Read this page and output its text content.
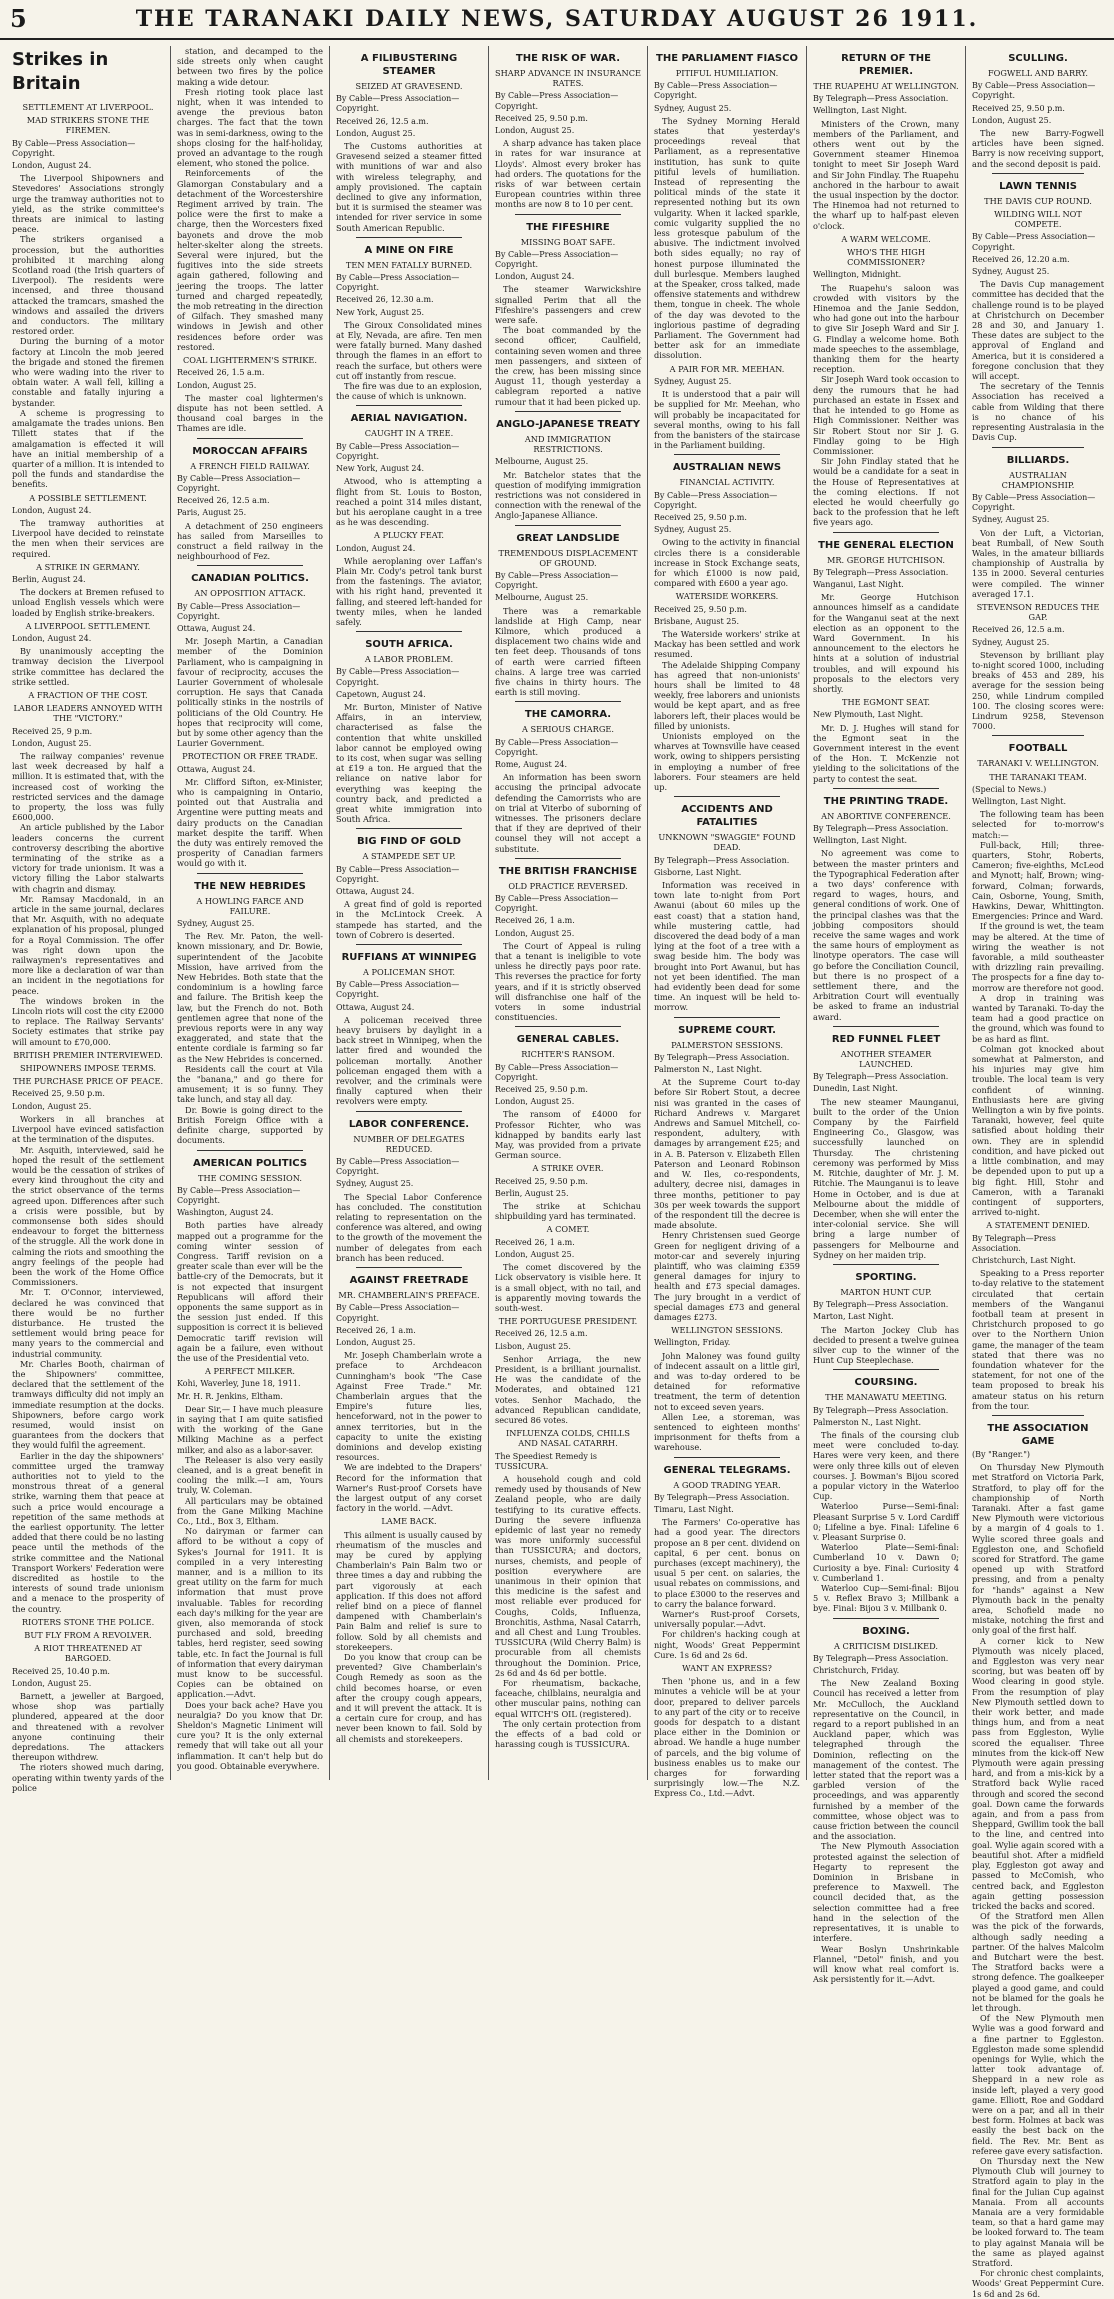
5	THE TARANAKI DAILY NEWS, SATURDAY AUGUST 26 1911.
Strikes in Britain
SETTLEMENT AT LIVERPOOL.
MAD STRIKERS STONE THE FIREMEN.
By Cable—Press Association—Copyright.
London, August 24.

The Liverpool Shipowners and Stevedores' Associations strongly urge the tramway authorities not to yield, as the strike committee's threats are inimical to lasting peace.

The strikers organised a procession, but the authorities prohibited it marching along Scotland road (the Irish quarters of Liverpool). The residents were incensed, and three thousand attacked the tramcars, smashed the windows and assailed the drivers and conductors. The military restored order.

During the burning of a motor factory at Lincoln the mob jeered the brigade and stoned the firemen who were wading into the river to obtain water. A wall fell, killing a constable and fatally injuring a bystander.

A scheme is progressing to amalgamate the trades unions. Ben Tillett states that if the amalgamation is effected it will have an initial membership of a quarter of a million. It is intended to poll the funds and standardise the benefits.

A POSSIBLE SETTLEMENT.
London, August 24.

The tramway authorities at Liverpool have decided to reinstate the men when their services are required.

A STRIKE IN GERMANY.
Berlin, August 24.

The dockers at Bremen refused to unload English vessels which were loaded by English strike-breakers.

A LIVERPOOL SETTLEMENT.
London, August 24.

By unanimously accepting the tramway decision the Liverpool strike committee has declared the strike settled.

A FRACTION OF THE COST.
LABOR LEADERS ANNOYED WITH THE "VICTORY."
Received 25, 9 p.m.
London, August 25.

The railway companies' revenue last week decreased by half a million. It is estimated that, with the increased cost of working the restricted services and the damage to property, the loss was fully £600,000.

An article published by the Labor leaders concerns the current controversy describing the abortive terminating of the strike as a victory for trade unionism. It was a victory filling the Labor stalwarts with chagrin and dismay.

Mr. Ramsay Macdonald, in an article in the same journal, declares that Mr. Asquith, with no adequate explanation of his proposal, plunged for a Royal Commission. The offer was right down upon the railwaymen's representatives and more like a declaration of war than an incident in the negotiations for peace.

The windows broken in the Lincoln riots will cost the city £2000 to replace. The Railway Servants' Society estimates that strike pay will amount to £70,000.

BRITISH PREMIER INTERVIEWED.
SHIPOWNERS IMPOSE TERMS.
THE PURCHASE PRICE OF PEACE.
Received 25, 9.50 p.m.
London, August 25.

Workers in all branches at Liverpool have evinced satisfaction at the termination of the disputes.

Mr. Asquith, interviewed, said he hoped the result of the settlement would be the cessation of strikes of every kind throughout the city and the strict observance of the terms agreed upon. Differences after such a crisis were possible, but by commonsense both sides should endeavour to forget the bitterness of the struggle. All the work done in calming the riots and smoothing the angry feelings of the people had been the work of the Home Office Commissioners.

Mr. T. O'Connor, interviewed, declared he was convinced that there would be no further disturbance. He trusted the settlement would bring peace for many years to the commercial and industrial community.

Mr. Charles Booth, chairman of the Shipowners' committee, declared that the settlement of the tramways difficulty did not imply an immediate resumption at the docks. Shipowners, before cargo work resumed, would insist on guarantees from the dockers that they would fulfil the agreement.

Earlier in the day the shipowners' committee urged the tramway authorities not to yield to the monstrous threat of a general strike, warning them that peace at such a price would encourage a repetition of the same methods at the earliest opportunity. The letter added that there could be no lasting peace until the methods of the strike committee and the National Transport Workers' Federation were discredited as hostile to the interests of sound trade unionism and a menace to the prosperity of the country.

RIOTERS STONE THE POLICE.
BUT FLY FROM A REVOLVER.
A RIOT THREATENED AT BARGOED.
Received 25, 10.40 p.m.
London, August 25.

Barnett, a jeweller at Bargoed, whose shop was partially plundered, appeared at the door and threatened with a revolver anyone continuing their depredations. The attackers thereupon withdrew.

The rioters showed much daring, operating within twenty yards of the police

station, and decamped to the side streets only when caught between two fires by the police making a wide detour.

Fresh rioting took place last night, when it was intended to avenge the previous baton charges. The fact that the town was in semi-darkness, owing to the shops closing for the half-holiday, proved an advantage to the rough element, who stoned the police.

Reinforcements of the Glamorgan Constabulary and a detachment of the Worcestershire Regiment arrived by train. The police were the first to make a charge, then the Worcesters fixed bayonets and drove the mob helter-skelter along the streets. Several were injured, but the fugitives into the side streets again gathered, following and jeering the troops. The latter turned and charged repeatedly, the mob retreating in the direction of Gilfach. They smashed many windows in Jewish and other residences before order was restored.

COAL LIGHTERMEN'S STRIKE.
Received 26, 1.5 a.m.
London, August 25.

The master coal lightermen's dispute has not been settled. A thousand coal barges in the Thames are idle.

MOROCCAN AFFAIRS
A FRENCH FIELD RAILWAY.
By Cable—Press Association—Copyright.
Received 26, 12.5 a.m.
Paris, August 25.

A detachment of 250 engineers has sailed from Marseilles to construct a field railway in the neighbourhood of Fez.

CANADIAN POLITICS.
AN OPPOSITION ATTACK.
By Cable—Press Association—Copyright.
Ottawa, August 24.

Mr. Joseph Martin, a Canadian member of the Dominion Parliament, who is campaigning in favour of reciprocity, accuses the Laurier Government of wholesale corruption. He says that Canada politically stinks in the nostrils of politicians of the Old Country. He hopes that reciprocity will come, but by some other agency than the Laurier Government.

PROTECTION OR FREE TRADE.
Ottawa, August 24.

Mr. Clifford Sifton, ex-Minister, who is campaigning in Ontario, pointed out that Australia and Argentine were putting meats and dairy products on the Canadian market despite the tariff. When the duty was entirely removed the prosperity of Canadian farmers would go with it.

THE NEW HEBRIDES
A HOWLING FARCE AND FAILURE.
Sydney, August 25.

The Rev. Mr. Paton, the well-known missionary, and Dr. Bowie, superintendent of the Jacobite Mission, have arrived from the New Hebrides. Both state that the condominium is a howling farce and failure. The British keep the law, but the French do not. Both gentlemen agree that none of the previous reports were in any way exaggerated, and state that the entente cordiale is farming so far as the New Hebrides is concerned.

Residents call the court at Vila the "banana," and go there for amusement; it is so funny. They take lunch, and stay all day.

Dr. Bowie is going direct to the British Foreign Office with a definite charge, supported by documents.

AMERICAN POLITICS
THE COMING SESSION.
By Cable—Press Association—Copyright.
Washington, August 24.

Both parties have already mapped out a programme for the coming winter session of Congress. Tariff revision on a greater scale than ever will be the battle-cry of the Democrats, but it is not expected that insurgent Republicans will afford their opponents the same support as in the session just ended. If this supposition is correct it is believed Democratic tariff revision will again be a failure, even without the use of the Presidential veto.

A PERFECT MILKER.
Kohi, Waverley, June 18, 1911.
Mr. H. R. Jenkins, Eltham.

Dear Sir,— I have much pleasure in saying that I am quite satisfied with the working of the Gane Milking Machine as a perfect milker, and also as a labor-saver.

The Releaser is also very easily cleaned, and is a great benefit in cooling the milk.—I am, Yours truly, W. Coleman.

All particulars may be obtained from the Gane Milking Machine Co., Ltd., Box 3, Eltham.

No dairyman or farmer can afford to be without a copy of Sykes's Journal for 1911. It is compiled in a very interesting manner, and is a million to its great utility on the farm for much information that must prove invaluable. Tables for recording each day's milking for the year are given, also memoranda of stock purchased and sold, breeding tables, herd register, seed sowing table, etc. In fact the Journal is full of information that every dairyman must know to be successful. Copies can be obtained on application.—Advt.

Does your back ache? Have you neuralgia? Do you know that Dr. Sheldon's Magnetic Liniment will cure you? It is the only external remedy that will take out all your inflammation. It can't help but do you good. Obtainable everywhere.

A FILIBUSTERING STEAMER
SEIZED AT GRAVESEND.
By Cable—Press Association—Copyright.
Received 26, 12.5 a.m.
London, August 25.

The Customs authorities at Gravesend seized a steamer fitted with munitions of war and also with wireless telegraphy, and amply provisioned. The captain declined to give any information, but it is surmised the steamer was intended for river service in some South American Republic.

A MINE ON FIRE
TEN MEN FATALLY BURNED.
By Cable—Press Association—Copyright.
Received 26, 12.30 a.m.
New York, August 25.

The Giroux Consolidated mines at Ely, Nevada, are afire. Ten men were fatally burned. Many dashed through the flames in an effort to reach the surface, but others were cut off instantly from rescue.

The fire was due to an explosion, the cause of which is unknown.

AERIAL NAVIGATION.
CAUGHT IN A TREE.
By Cable—Press Association—Copyright.
New York, August 24.

Atwood, who is attempting a flight from St. Louis to Boston, reached a point 314 miles distant, but his aeroplane caught in a tree as he was descending.

A PLUCKY FEAT.
London, August 24.

While aeroplaning over Laffan's Plain Mr. Cody's petrol tank burst from the fastenings. The aviator, with his right hand, prevented it falling, and steered left-handed for twenty miles, when he landed safely.

SOUTH AFRICA.
A LABOR PROBLEM.
By Cable—Press Association—Copyright.
Capetown, August 24.

Mr. Burton, Minister of Native Affairs, in an interview, characterised as false the contention that white unskilled labor cannot be employed owing to its cost, when sugar was selling at £19 a ton. He argued that the reliance on native labor for everything was keeping the country back, and predicted a great white immigration into South Africa.

BIG FIND OF GOLD
A STAMPEDE SET UP.
By Cable—Press Association—Copyright.
Ottawa, August 24.

A great find of gold is reported in the McLintock Creek. A stampede has started, and the town of Cobrero is deserted.

RUFFIANS AT WINNIPEG
A POLICEMAN SHOT.
By Cable—Press Association—Copyright.
Ottawa, August 24.

A policeman received three heavy bruisers by daylight in a back street in Winnipeg, when the latter fired and wounded the policeman mortally. Another policeman engaged them with a revolver, and the criminals were finally captured when their revolvers were empty.

LABOR CONFERENCE.
NUMBER OF DELEGATES REDUCED.
By Cable—Press Association—Copyright.
Sydney, August 25.

The Special Labor Conference has concluded. The constitution relating to representation on the conference was altered, and owing to the growth of the movement the number of delegates from each branch has been reduced.

AGAINST FREETRADE
MR. CHAMBERLAIN'S PREFACE.
By Cable—Press Association—Copyright.
Received 26, 1 a.m.
London, August 25.

Mr. Joseph Chamberlain wrote a preface to Archdeacon Cunningham's book "The Case Against Free Trade." Mr. Chamberlain argues that the Empire's future lies, henceforward, not in the power to annex territories, but in the capacity to unite the existing dominions and develop existing resources.

We are indebted to the Drapers' Record for the information that Warner's Rust-proof Corsets have the largest output of any corset factory in the world. —Advt.

LAME BACK.

This ailment is usually caused by rheumatism of the muscles and may be cured by applying Chamberlain's Pain Balm two or three times a day and rubbing the part vigorously at each application. If this does not afford relief bind on a piece of flannel dampened with Chamberlain's Pain Balm and relief is sure to follow. Sold by all chemists and storekeepers.

Do you know that croup can be prevented? Give Chamberlain's Cough Remedy as soon as the child becomes hoarse, or even after the croupy cough appears, and it will prevent the attack. It is a certain cure for croup, and has never been known to fail. Sold by all chemists and storekeepers.

THE RISK OF WAR.
SHARP ADVANCE IN INSURANCE RATES.
By Cable—Press Association—Copyright.
Received 25, 9.50 p.m.
London, August 25.

A sharp advance has taken place in rates for war insurance at Lloyds'. Almost every broker has had orders. The quotations for the risks of war between certain European countries within three months are now 8 to 10 per cent.

THE FIFESHIRE
MISSING BOAT SAFE.
By Cable—Press Association—Copyright.
London, August 24.

The steamer Warwickshire signalled Perim that all the Fifeshire's passengers and crew were safe.

The boat commanded by the second officer, Caulfield, containing seven women and three men passengers, and sixteen of the crew, has been missing since August 11, though yesterday a cablegram reported a native rumour that it had been picked up.

ANGLO-JAPANESE TREATY
AND IMMIGRATION RESTRICTIONS.
Melbourne, August 25.

Mr. Batchelor states that the question of modifying immigration restrictions was not considered in connection with the renewal of the Anglo-Japanese Alliance.

GREAT LANDSLIDE
TREMENDOUS DISPLACEMENT OF GROUND.
By Cable—Press Association—Copyright.
Melbourne, August 25.

There was a remarkable landslide at High Camp, near Kilmore, which produced a displacement two chains wide and ten feet deep. Thousands of tons of earth were carried fifteen chains. A large tree was carried five chains in thirty hours. The earth is still moving.

THE CAMORRA.
A SERIOUS CHARGE.
By Cable—Press Association—Copyright.
Rome, August 24.

An information has been sworn accusing the principal advocate defending the Camorrists who are on trial at Viterbo of suborning of witnesses. The prisoners declare that if they are deprived of their counsel they will not accept a substitute.

THE BRITISH FRANCHISE
OLD PRACTICE REVERSED.
By Cable—Press Association—Copyright.
Received 26, 1 a.m.
London, August 25.

The Court of Appeal is ruling that a tenant is ineligible to vote unless he directly pays poor rate. This reverses the practice for forty years, and if it is strictly observed will disfranchise one half of the voters in some industrial constituencies.

GENERAL CABLES.
RICHTER'S RANSOM.
By Cable—Press Association—Copyright.
Received 25, 9.50 p.m.
London, August 25.

The ransom of £4000 for Professor Richter, who was kidnapped by bandits early last May, was provided from a private German source.

A STRIKE OVER.
Received 25, 9.50 p.m.
Berlin, August 25.

The strike at Schichau shipbuilding yard has terminated.

A COMET.
Received 26, 1 a.m.
London, August 25.

The comet discovered by the Lick observatory is visible here. It is a small object, with no tail, and is apparently moving towards the south-west.

THE PORTUGUESE PRESIDENT.
Received 26, 12.5 a.m.
Lisbon, August 25.

Senhor Arriaga, the new President, is a brilliant journalist. He was the candidate of the Moderates, and obtained 121 votes. Senhor Machado, the advanced Republican candidate, secured 86 votes.

INFLUENZA COLDS, CHILLS AND NASAL CATARRH.
The Speediest Remedy is TUSSICURA.

A household cough and cold remedy used by thousands of New Zealand people, who are daily testifying to its curative effects. During the severe influenza epidemic of last year no remedy was more uniformly successful than TUSSICURA; and doctors, nurses, chemists, and people of position everywhere are unanimous in their opinion that this medicine is the safest and most reliable ever produced for Coughs, Colds, Influenza, Bronchitis, Asthma, Nasal Catarrh, and all Chest and Lung Troubles. TUSSICURA (Wild Cherry Balm) is procurable from all chemists throughout the Dominion. Price, 2s 6d and 4s 6d per bottle.

For rheumatism, backache, faceache, chilblains, neuralgia and other muscular pains, nothing can equal WITCH'S OIL (registered).

The only certain protection from the effects of a bad cold or harassing cough is TUSSICURA.

THE PARLIAMENT FIASCO
PITIFUL HUMILIATION.
By Cable—Press Association—Copyright.
Sydney, August 25.

The Sydney Morning Herald states that yesterday's proceedings reveal that Parliament, as a representative institution, has sunk to quite pitiful levels of humiliation. Instead of representing the political minds of the state it represented nothing but its own vulgarity. When it lacked sparkle, comic vulgarity supplied the no less grotesque pabulum of the abusive. The indictment involved both sides equally; no ray of honest purpose illuminated the dull burlesque. Members laughed at the Speaker, cross talked, made offensive statements and withdrew them, tongue in cheek. The whole of the day was devoted to the inglorious pastime of degrading Parliament. The Government had better ask for an immediate dissolution.

A PAIR FOR MR. MEEHAN.
Sydney, August 25.

It is understood that a pair will be supplied for Mr. Meehan, who will probably be incapacitated for several months, owing to his fall from the banisters of the staircase in the Parliament building.

AUSTRALIAN NEWS
FINANCIAL ACTIVITY.
By Cable—Press Association—Copyright.
Received 25, 9.50 p.m.
Sydney, August 25.

Owing to the activity in financial circles there is a considerable increase in Stock Exchange seats, for which £1000 is now paid, compared with £600 a year ago.

WATERSIDE WORKERS.
Received 25, 9.50 p.m.
Brisbane, August 25.

The Waterside workers' strike at Mackay has been settled and work resumed.

The Adelaide Shipping Company has agreed that non-unionists' hours shall be limited to 48 weekly, free laborers and unionists would be kept apart, and as free laborers left, their places would be filled by unionists.

Unionists employed on the wharves at Townsville have ceased work, owing to shippers persisting in employing a number of free laborers. Four steamers are held up.

ACCIDENTS AND FATALITIES
UNKNOWN "SWAGGIE" FOUND DEAD.
By Telegraph—Press Association.
Gisborne, Last Night.

Information was received in town late to-night from Port Awanui (about 60 miles up the east coast) that a station hand, while mustering cattle, had discovered the dead body of a man lying at the foot of a tree with a swag beside him. The body was brought into Port Awanui, but has not yet been identified. The man had evidently been dead for some time. An inquest will be held to-morrow.

SUPREME COURT.
PALMERSTON SESSIONS.
By Telegraph—Press Association.
Palmerston N., Last Night.

At the Supreme Court to-day before Sir Robert Stout, a decree nisi was granted in the cases of Richard Andrews v. Margaret Andrews and Samuel Mitchell, co-respondent, adultery, with damages by arrangement £25; and in A. B. Paterson v. Elizabeth Ellen Paterson and Leonard Robinson and W. Iles, co-respondents, adultery, decree nisi, damages in three months, petitioner to pay 30s per week towards the support of the respondent till the decree is made absolute.

Henry Christensen sued George Green for negligent driving of a motor-car and severely injuring plaintiff, who was claiming £359 general damages for injury to health and £73 special damages. The jury brought in a verdict of special damages £73 and general damages £273.

WELLINGTON SESSIONS.
Wellington, Friday.

John Maloney was found guilty of indecent assault on a little girl, and was to-day ordered to be detained for reformative treatment, the term of detention not to exceed seven years.

Allen Lee, a storeman, was sentenced to eighteen months' imprisonment for thefts from a warehouse.

GENERAL TELEGRAMS.
A GOOD TRADING YEAR.
By Telegraph—Press Association.
Timaru, Last Night.

The Farmers' Co-operative has had a good year. The directors propose an 8 per cent. dividend on capital, 6 per cent. bonus on purchases (except machinery), the usual 5 per cent. on salaries, the usual rebates on commissions, and to place £3000 to the reserves and to carry the balance forward.

Warner's Rust-proof Corsets, universally popular.—Advt.

For children's hacking cough at night, Woods' Great Peppermint Cure. 1s 6d and 2s 6d.

WANT AN EXPRESS?

Then 'phone us, and in a few minutes a vehicle will be at your door, prepared to deliver parcels to any part of the city or to receive goods for despatch to a distant place either in the Dominion or abroad. We handle a huge number of parcels, and the big volume of business enables us to make our charges for forwarding surprisingly low.—The N.Z. Express Co., Ltd.—Advt.

RETURN OF THE PREMIER.
THE RUAPEHU AT WELLINGTON.
By Telegraph—Press Association.
Wellington, Last Night.

Ministers of the Crown, many members of the Parliament, and others went out by the Government steamer Hinemoa tonight to meet Sir Joseph Ward and Sir John Findlay. The Ruapehu anchored in the harbour to await the usual inspection by the doctor. The Hinemoa had not returned to the wharf up to half-past eleven o'clock.

A WARM WELCOME.
WHO'S THE HIGH COMMISSIONER?
Wellington, Midnight.

The Ruapehu's saloon was crowded with visitors by the Hinemoa and the Janie Seddon, who had gone out into the harbour to give Sir Joseph Ward and Sir J. G. Findlay a welcome home. Both made speeches to the assemblage, thanking them for the hearty reception.

Sir Joseph Ward took occasion to deny the rumours that he had purchased an estate in Essex and that he intended to go Home as High Commissioner. Neither was Sir Robert Stout nor Sir J. G. Findlay going to be High Commissioner.

Sir John Findlay stated that he would be a candidate for a seat in the House of Representatives at the coming elections. If not elected he would cheerfully go back to the profession that he left five years ago.

THE GENERAL ELECTION
MR. GEORGE HUTCHISON.
By Telegraph—Press Association.
Wanganui, Last Night.

Mr. George Hutchison announces himself as a candidate for the Wanganui seat at the next election as an opponent to the Ward Government. In his announcement to the electors he hints at a solution of industrial troubles, and will expound his proposals to the electors very shortly.

THE EGMONT SEAT.
New Plymouth, Last Night.

Mr. D. J. Hughes will stand for the Egmont seat in the Government interest in the event of the Hon. T. McKenzie not yielding to the solicitations of the party to contest the seat.

THE PRINTING TRADE.
AN ABORTIVE CONFERENCE.
By Telegraph—Press Association.
Wellington, Last Night.

No agreement was come to between the master printers and the Typographical Federation after a two days' conference with regard to wages, hours, and general conditions of work. One of the principal clashes was that the jobbing compositors should receive the same wages and work the same hours of employment as linotype operators. The case will go before the Conciliation Council, but there is no prospect of a settlement there, and the Arbitration Court will eventually be asked to frame an industrial award.

RED FUNNEL FLEET
ANOTHER STEAMER LAUNCHED.
By Telegraph—Press Association.
Dunedin, Last Night.

The new steamer Maunganui, built to the order of the Union Company by the Fairfield Engineering Co., Glasgow, was successfully launched on Thursday. The christening ceremony was performed by Miss M. Ritchie, daughter of Mr. J. M. Ritchie. The Maunganui is to leave Home in October, and is due at Melbourne about the middle of December, when she will enter the inter-colonial service. She will bring a large number of passengers for Melbourne and Sydney on her maiden trip.

SPORTING.
MARTON HUNT CUP.
By Telegraph—Press Association.
Marton, Last Night.

The Marton Jockey Club has decided to present a twelve guinea silver cup to the winner of the Hunt Cup Steeplechase.

COURSING.
THE MANAWATU MEETING.
By Telegraph—Press Association.
Palmerston N., Last Night.

The finals of the coursing club meet were concluded to-day. Hares were very keen, and there were only three kills out of eleven courses. J. Bowman's Bijou scored a popular victory in the Waterloo Cup.

Waterloo Purse—Semi-final: Pleasant Surprise 5 v. Lord Cardiff 0; Lifeline a bye. Final: Lifeline 6 v. Pleasant Surprise 0.

Waterloo Plate—Semi-final: Cumberland 10 v. Dawn 0; Curiosity a bye. Final: Curiosity 4 v. Cumberland 1.

Waterloo Cup—Semi-final: Bijou 5 v. Reflex Bravo 3; Millbank a bye. Final: Bijou 3 v. Millbank 0.

BOXING.
A CRITICISM DISLIKED.
By Telegraph—Press Association.
Christchurch, Friday.

The New Zealand Boxing Council has received a letter from Mr. McCulloch, the Auckland representative on the Council, in regard to a report published in an Auckland paper, which was telegraphed through the Dominion, reflecting on the management of the contest. The letter stated that the report was a garbled version of the proceedings, and was apparently furnished by a member of the committee, whose object was to cause friction between the council and the association.

The New Plymouth Association protested against the selection of Hegarty to represent the Dominion in Brisbane in preference to Maxwell. The council decided that, as the selection committee had a free hand in the selection of the representatives, it is unable to interfere.

Wear Boslyn Unshrinkable Flannel, "Detol" finish, and you will know what real comfort is. Ask persistently for it.—Advt.

SCULLING.
FOGWELL AND BARRY.
By Cable—Press Association—Copyright.
Received 25, 9.50 p.m.
London, August 25.

The new Barry-Fogwell articles have been signed. Barry is now receiving support, and the second deposit is paid.

LAWN TENNIS
THE DAVIS CUP ROUND.
WILDING WILL NOT COMPETE.
By Cable—Press Association—Copyright.
Received 26, 12.20 a.m.
Sydney, August 25.

The Davis Cup management committee has decided that the challenge round is to be played at Christchurch on December 28 and 30, and January 1. These dates are subject to the approval of England and America, but it is considered a foregone conclusion that they will accept.

The secretary of the Tennis Association has received a cable from Wilding that there is no chance of his representing Australasia in the Davis Cup.

BILLIARDS.
AUSTRALIAN CHAMPIONSHIP.
By Cable—Press Association—Copyright.
Sydney, August 25.

Von der Luft, a Victorian, beat Rumball, of New South Wales, in the amateur billiards championship of Australia by 135 in 2000. Several centuries were compiled. The winner averaged 17.1.

STEVENSON REDUCES THE GAP.
Received 26, 12.5 a.m.
Sydney, August 25.

Stevenson by brilliant play to-night scored 1000, including breaks of 453 and 289, his average for the session being 250, while Lindrum compiled 100. The closing scores were: Lindrum 9258, Stevenson 7000.

FOOTBALL
TARANAKI V. WELLINGTON.
THE TARANAKI TEAM.
(Special to News.)
Wellington, Last Night.

The following team has been selected for to-morrow's match:—

Full-back, Hill; three-quarters, Stohr, Roberts, Cameron; five-eighths, McLeod and Mynott; half, Brown; wing-forward, Colman; forwards, Cain, Osborne, Young, Smith, Hawkins, Dewar, Whittington. Emergencies: Prince and Ward.

If the ground is wet, the team may be altered. At the time of wiring the weather is not favorable, a mild southeaster with drizzling rain prevailing. The prospects for a fine day to-morrow are therefore not good.

A drop in training was wanted by Taranaki. To-day the team had a good practice on the ground, which was found to be as hard as flint.

Colman got knocked about somewhat at Palmerston, and his injuries may give him trouble. The local team is very confident of winning. Enthusiasts here are giving Wellington a win by five points. Taranaki, however, feel quite satisfied about holding their own. They are in splendid condition, and have picked out a little combination, and may be depended upon to put up a big fight. Hill, Stohr and Cameron, with a Taranaki contingent of supporters, arrived to-night.

A STATEMENT DENIED.
By Telegraph—Press Association.
Christchurch, Last Night.

Speaking to a Press reporter to-day relative to the statement circulated that certain members of the Wanganui football team at present in Christchurch proposed to go over to the Northern Union game, the manager of the team stated that there was no foundation whatever for the statement, for not one of the team proposed to break his amateur status on his return from the tour.

THE ASSOCIATION GAME
(By "Ranger.")

On Thursday New Plymouth met Stratford on Victoria Park, Stratford, to play off for the championship of North Taranaki. After a fast game New Plymouth were victorious by a margin of 4 goals to 1. Wylie scored three goals and Eggleston one, and Schofield scored for Stratford. The game opened up with Stratford pressing, and from a penalty for "hands" against a New Plymouth back in the penalty area, Schofield made no mistake, notching the first and only goal of the first half.

A corner kick to New Plymouth was nicely placed, and Eggleston was very near scoring, but was beaten off by Wood clearing in good style. From the resumption of play New Plymouth settled down to their work better, and made things hum, and from a neat pass from Eggleston, Wylie scored the equaliser. Three minutes from the kick-off New Plymouth were again pressing hard, and from a mis-kick by a Stratford back Wylie raced through and scored the second goal. Down came the forwards again, and from a pass from Sheppard, Gwillim took the ball to the line, and centred into goal. Wylie again scored with a beautiful shot. After a midfield play, Eggleston got away and passed to McComish, who centred back, and Eggleston again getting possession tricked the backs and scored.

Of the Stratford men Allen was the pick of the forwards, although sadly needing a partner. Of the halves Malcolm and Butchart were the best. The Stratford backs were a strong defence. The goalkeeper played a good game, and could not be blamed for the goals he let through.

Of the New Plymouth men Wylie was a good forward and a fine partner to Eggleston. Eggleston made some splendid openings for Wylie, which the latter took advantage of. Sheppard in a new role as inside left, played a very good game. Elliott, Roe and Goddard were on a par, and all in their best form. Holmes at back was easily the best back on the field. The Rev. Mr. Bent as referee gave every satisfaction.

On Thursday next the New Plymouth Club will journey to Stratford again to play in the final for the Julian Cup against Manaia. From all accounts Manaia are a very formidable team, so that a hard game may be looked forward to. The team to play against Manaia will be the same as played against Stratford.

For chronic chest complaints, Woods' Great Peppermint Cure. 1s 6d and 2s 6d.
